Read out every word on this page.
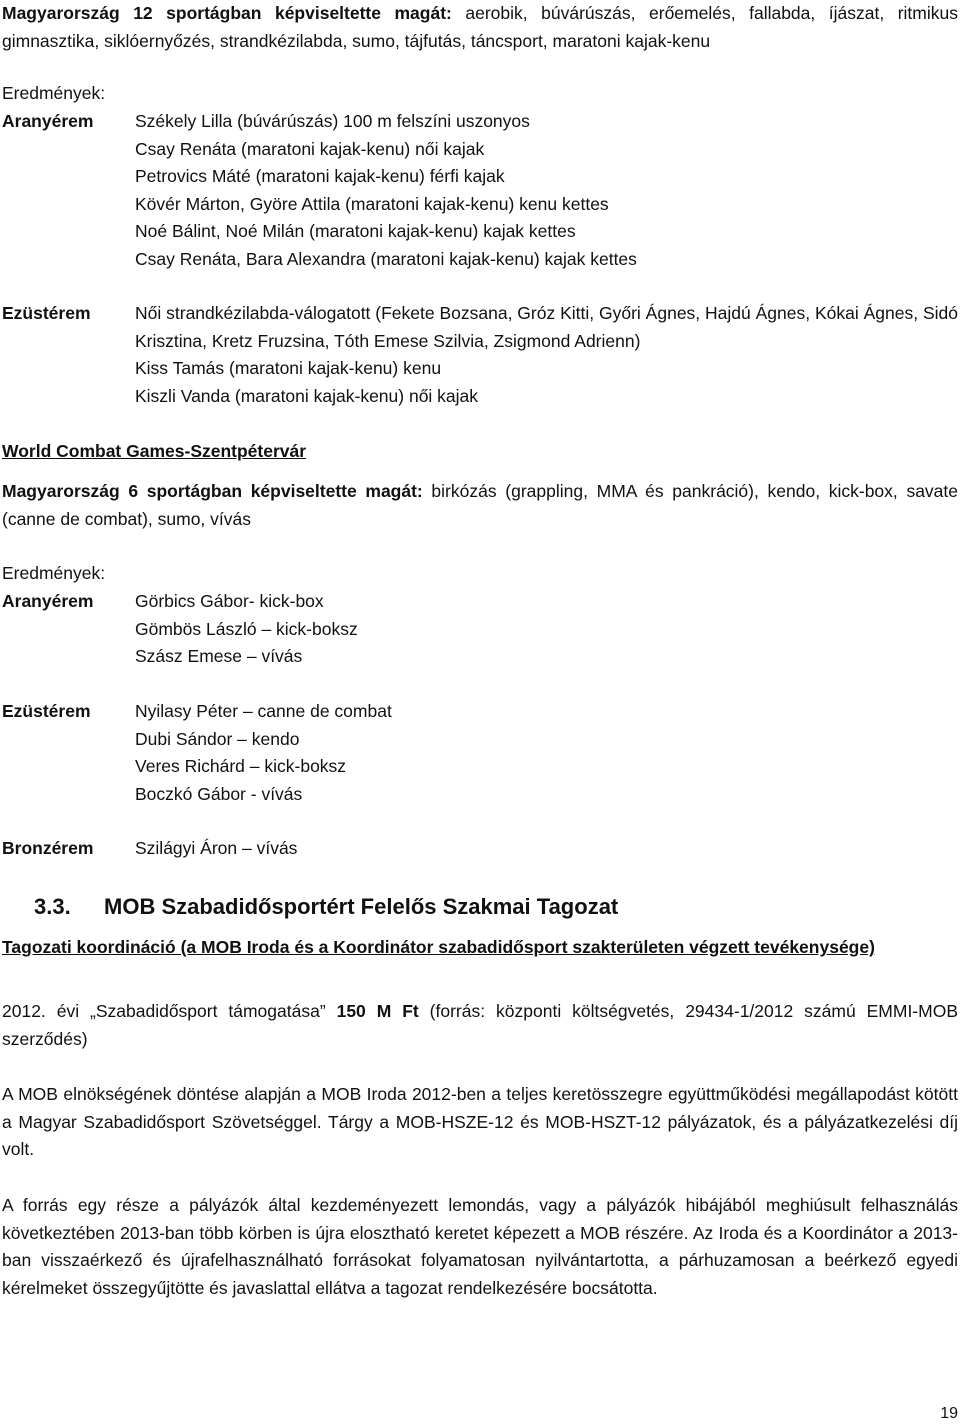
Magyarország 12 sportágban képviseltette magát: aerobik, búvárúszás, erőemelés, fallabda, íjászat, ritmikus gimnasztika, siklóernyőzés, strandkézilabda, sumo, tájfutás, táncsport, maratoni kajak-kenu
Eredmények:
Aranyérem Székely Lilla (búvárúszás) 100 m felszíni uszonyos
Csay Renáta (maratoni kajak-kenu) női kajak
Petrovics Máté (maratoni kajak-kenu) férfi kajak
Kövér Márton, Györe Attila (maratoni kajak-kenu) kenu kettes
Noé Bálint, Noé Milán (maratoni kajak-kenu) kajak kettes
Csay Renáta, Bara Alexandra (maratoni kajak-kenu) kajak kettes
Ezüstérem	Női strandkézilabda-válogatott (Fekete Bozsana, Gróz Kitti, Győri Ágnes, Hajdú Ágnes, Kókai Ágnes, Sidó Krisztina, Kretz Fruzsina, Tóth Emese Szilvia, Zsigmond Adrienn)
Kiss Tamás (maratoni kajak-kenu) kenu
Kiszli Vanda (maratoni kajak-kenu) női kajak
World Combat Games-Szentpétervár
Magyarország 6 sportágban képviseltette magát: birkózás (grappling, MMA és pankráció), kendo, kick-box, savate (canne de combat), sumo, vívás
Eredmények:
Aranyérem Görbics Gábor- kick-box
Gömbös László – kick-boksz
Szász Emese – vívás
Ezüstérem	Nyilasy Péter – canne de combat
Dubi Sándor – kendo
Veres Richárd – kick-boksz
Boczkó Gábor - vívás
Bronzérem Szilágyi Áron – vívás
3.3. MOB Szabadidősportért Felelős Szakmai Tagozat
Tagozati koordináció (a MOB Iroda és a Koordinátor szabadidősport szakterületen végzett tevékenysége)
2012. évi „Szabadidősport támogatása” 150 M Ft (forrás: központi költségvetés, 29434-1/2012 számú EMMI-MOB szerződés)
A MOB elnökségének döntése alapján a MOB Iroda 2012-ben a teljes keretösszegre együttműködési megállapodást kötött a Magyar Szabadidősport Szövetséggel. Tárgy a MOB-HSZE-12 és MOB-HSZT-12 pályázatok, és a pályázatkezelési díj volt.
A forrás egy része a pályázók által kezdeményezett lemondás, vagy a pályázók hibájából meghiúsult felhasználás következtében 2013-ban több körben is újra elosztható keretet képezett a MOB részére. Az Iroda és a Koordinátor a 2013-ban visszaérkező és újrafelhasználható forrásokat folyamatosan nyilvántartotta, a párhuzamosan a beérkező egyedi kérelmeket összegyűjtötte és javaslattal ellátva a tagozat rendelkezésére bocsátotta.
19
